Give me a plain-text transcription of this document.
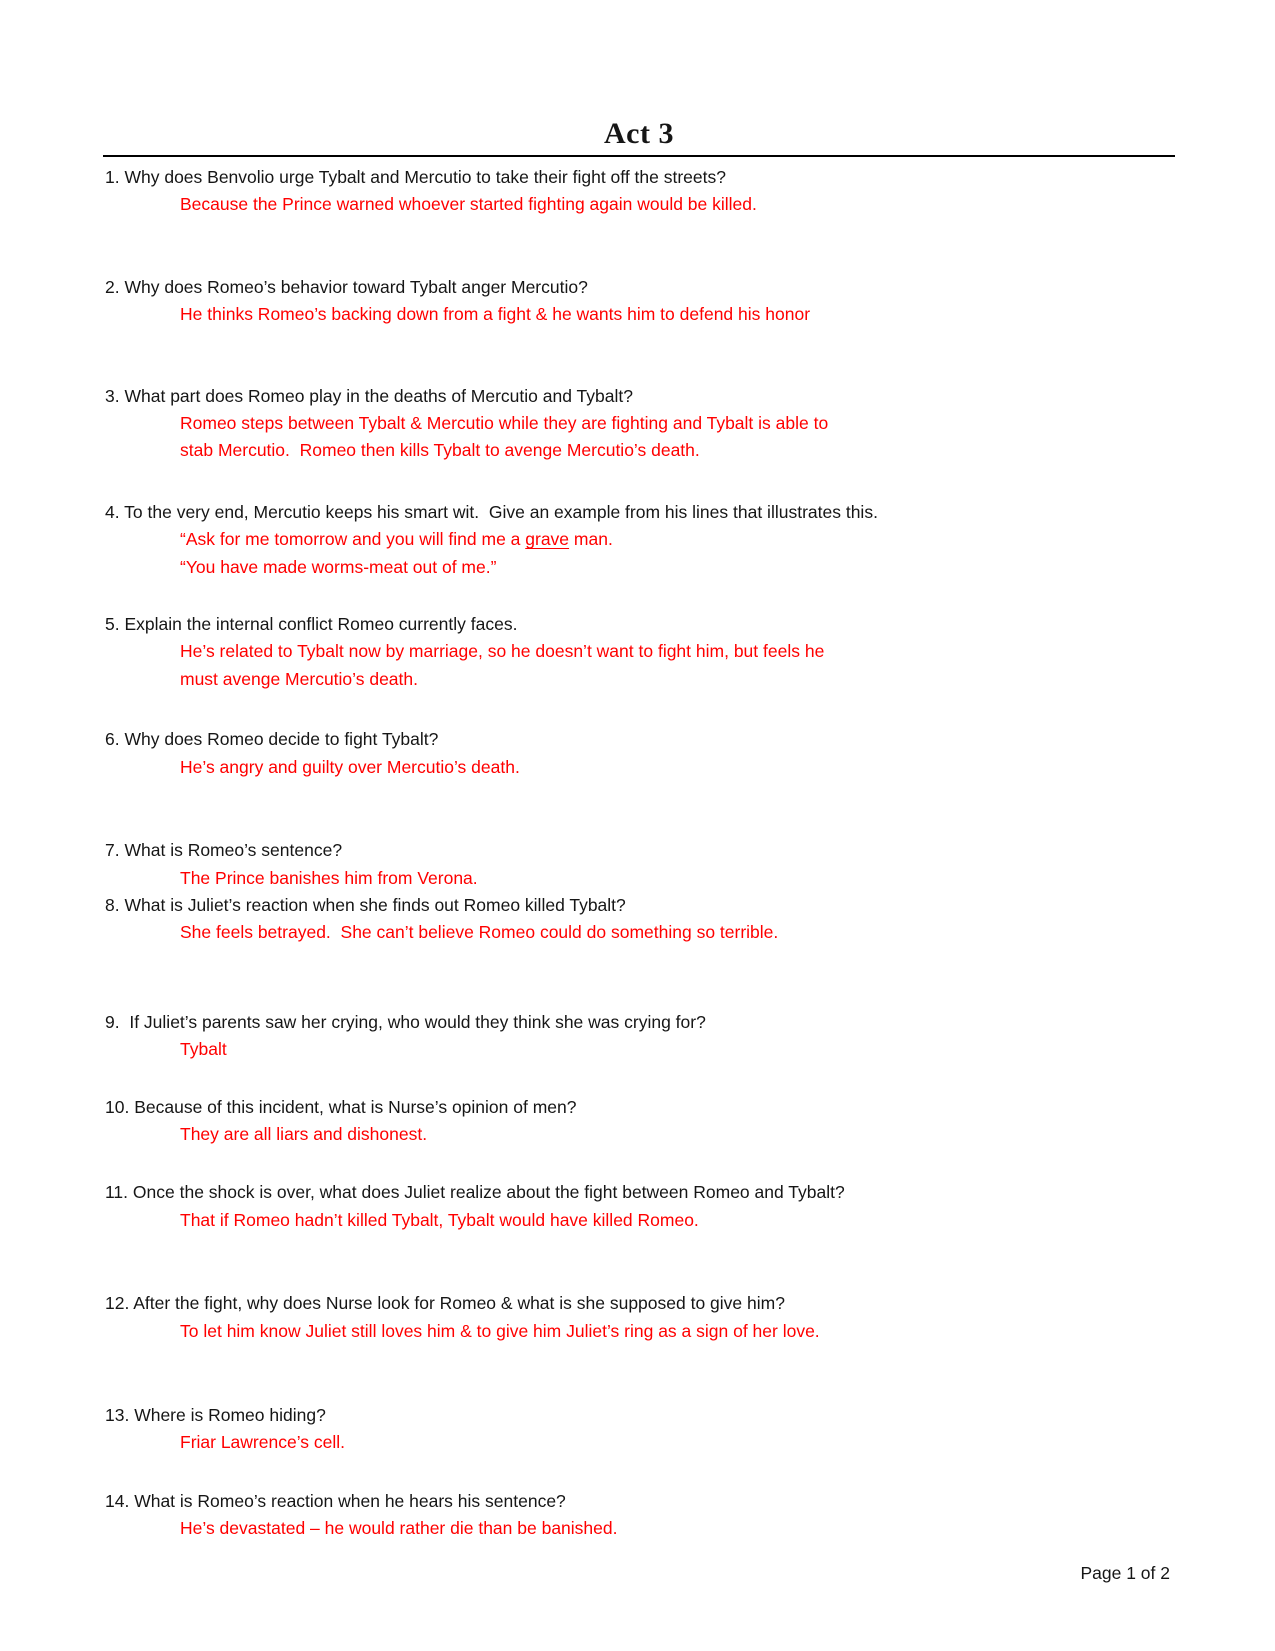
Act 3
1. Why does Benvolio urge Tybalt and Mercutio to take their fight off the streets?
Because the Prince warned whoever started fighting again would be killed.
2. Why does Romeo’s behavior toward Tybalt anger Mercutio?
He thinks Romeo’s backing down from a fight & he wants him to defend his honor
3. What part does Romeo play in the deaths of Mercutio and Tybalt?
Romeo steps between Tybalt & Mercutio while they are fighting and Tybalt is able to
stab Mercutio.  Romeo then kills Tybalt to avenge Mercutio’s death.
4. To the very end, Mercutio keeps his smart wit.  Give an example from his lines that illustrates this.
“Ask for me tomorrow and you will find me a grave man.
“You have made worms-meat out of me.”
5. Explain the internal conflict Romeo currently faces.
He’s related to Tybalt now by marriage, so he doesn’t want to fight him, but feels he
must avenge Mercutio’s death.
6. Why does Romeo decide to fight Tybalt?
He’s angry and guilty over Mercutio’s death.
7. What is Romeo’s sentence?
The Prince banishes him from Verona.
8. What is Juliet’s reaction when she finds out Romeo killed Tybalt?
She feels betrayed.  She can’t believe Romeo could do something so terrible.
9.  If Juliet’s parents saw her crying, who would they think she was crying for?
Tybalt
10. Because of this incident, what is Nurse’s opinion of men?
They are all liars and dishonest.
11. Once the shock is over, what does Juliet realize about the fight between Romeo and Tybalt?
That if Romeo hadn’t killed Tybalt, Tybalt would have killed Romeo.
12. After the fight, why does Nurse look for Romeo & what is she supposed to give him?
To let him know Juliet still loves him & to give him Juliet’s ring as a sign of her love.
13. Where is Romeo hiding?
Friar Lawrence’s cell.
14. What is Romeo’s reaction when he hears his sentence?
He’s devastated – he would rather die than be banished.
Page 1 of 2
